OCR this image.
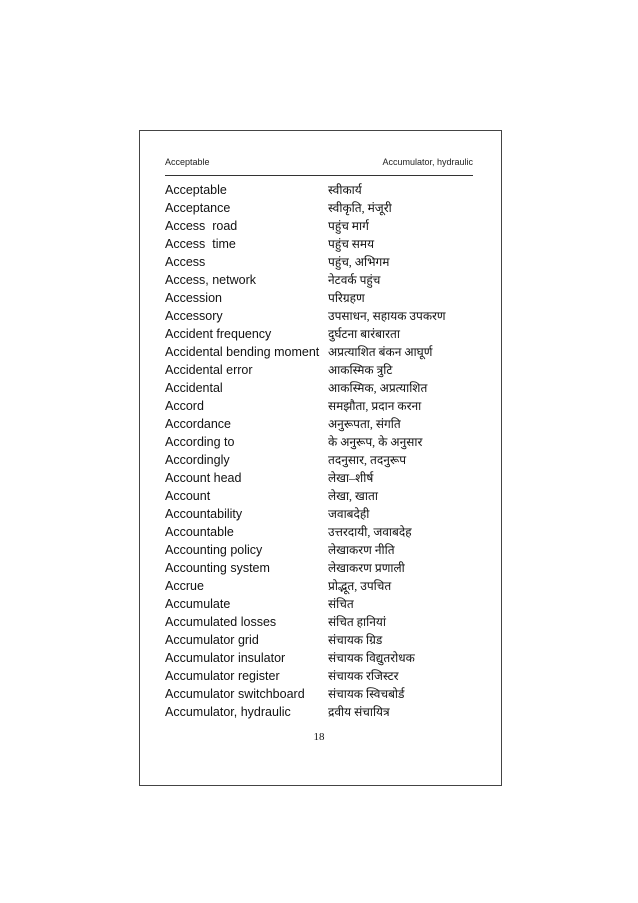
Acceptable	Accumulator, hydraulic
Acceptable	स्वीकार्य
Acceptance	स्वीकृति, मंजूरी
Access  road	पहुंच मार्ग
Access  time	पहुंच समय
Access	पहुंच, अभिगम
Access, network	नेटवर्क पहुंच
Accession	परिग्रहण
Accessory	उपसाधन, सहायक उपकरण
Accident frequency	दुर्घटना बारंबारता
Accidental bending moment अप्रत्याशित बंकन आघूर्ण
Accidental error	आकस्मिक त्रुटि
Accidental	आकस्मिक, अप्रत्याशित
Accord	समझौता, प्रदान करना
Accordance	अनुरूपता, संगति
According to	के अनुरूप, के अनुसार
Accordingly	तदनुसार, तदनुरूप
Account head	लेखा–शीर्ष
Account	लेखा, खाता
Accountability	जवाबदेही
Accountable	उत्तरदायी, जवाबदेह
Accounting policy	लेखाकरण नीति
Accounting system	लेखाकरण प्रणाली
Accrue	प्रोद्भूत, उपचित
Accumulate	संचित
Accumulated losses	संचित हानियां
Accumulator grid	संचायक ग्रिड
Accumulator insulator	संचायक विद्युतरोधक
Accumulator register	संचायक रजिस्टर
Accumulator switchboard संचायक स्विचबोर्ड
Accumulator, hydraulic	द्रवीय संचायित्र
18
